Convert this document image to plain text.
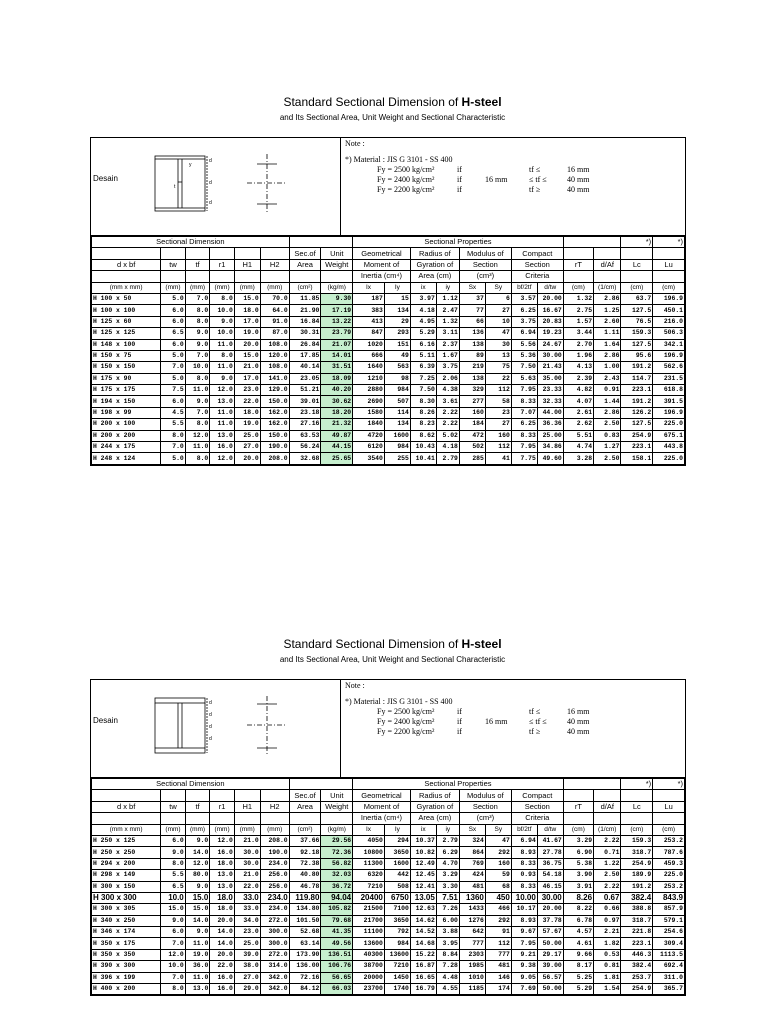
Standard Sectional Dimension of H-steel
and Its Sectional Area, Unit Weight and Sectional Characteristic
Desain
d
d
d
t
y
Note :
*) Material : JIS G 3101 - SS 400
Fy = 2500 kg/cm²	if	tf ≤	16 mm
Fy = 2400 kg/cm²	if	16 mm	≤ tf ≤	40 mm
Fy = 2200 kg/cm²	if	tf ≥	40 mm
Sectional Dimension								Sectional Properties										*)	*)
						Sec.of	Unit	Geometrical		Radius of		Modulus of		Compact					
d x bf	tw	tf	r1	H1	H2	Area	Weight	Moment of		Gyration of		Section		Section		rT	d/Af	Lc	Lu
								Inertia (cm⁴)		Area (cm)		(cm³)		Criteria					
(mm x mm)	(mm)	(mm)	(mm)	(mm)	(mm)	(cm²)	(kg/m)	Ix	Iy	ix	iy	Sx	Sy	bf/2tf	d/tw	(cm)	(1/cm)	(cm)	(cm)
H 100 x 50	5.0	7.0	8.0	15.0	70.0	11.85	9.30	187	15	3.97	1.12	37	6	3.57	20.00	1.32	2.86	63.7	196.9
H 100 x 100	6.0	8.0	10.0	18.0	64.0	21.90	17.19	383	134	4.18	2.47	77	27	6.25	16.67	2.75	1.25	127.5	450.1
H 125 x 60	6.0	8.0	9.0	17.0	91.0	16.84	13.22	413	29	4.95	1.32	66	10	3.75	20.83	1.57	2.60	76.5	216.0
H 125 x 125	6.5	9.0	10.0	19.0	87.0	30.31	23.79	847	293	5.29	3.11	136	47	6.94	19.23	3.44	1.11	159.3	506.3
H 148 x 100	6.0	9.0	11.0	20.0	108.0	26.84	21.07	1020	151	6.16	2.37	138	30	5.56	24.67	2.70	1.64	127.5	342.1
H 150 x 75	5.0	7.0	8.0	15.0	120.0	17.85	14.01	666	49	5.11	1.67	89	13	5.36	30.00	1.96	2.86	95.6	196.9
H 150 x 150	7.0	10.0	11.0	21.0	108.0	40.14	31.51	1640	563	6.39	3.75	219	75	7.50	21.43	4.13	1.00	191.2	562.6
H 175 x 90	5.0	8.0	9.0	17.0	141.0	23.05	18.09	1210	98	7.25	2.06	138	22	5.63	35.00	2.39	2.43	114.7	231.5
H 175 x 175	7.5	11.0	12.0	23.0	129.0	51.21	40.20	2880	984	7.50	4.38	329	112	7.95	23.33	4.82	0.91	223.1	618.8
H 194 x 150	6.0	9.0	13.0	22.0	150.0	39.01	30.62	2690	507	8.30	3.61	277	58	8.33	32.33	4.07	1.44	191.2	391.5
H 198 x 99	4.5	7.0	11.0	18.0	162.0	23.18	18.20	1580	114	8.26	2.22	160	23	7.07	44.00	2.61	2.86	126.2	196.9
H 200 x 100	5.5	8.0	11.0	19.0	162.0	27.16	21.32	1840	134	8.23	2.22	184	27	6.25	36.36	2.62	2.50	127.5	225.0
H 200 x 200	8.0	12.0	13.0	25.0	150.0	63.53	49.87	4720	1600	8.62	5.02	472	160	8.33	25.00	5.51	0.83	254.9	675.1
H 244 x 175	7.0	11.0	16.0	27.0	190.0	56.24	44.15	6120	984	10.43	4.18	502	112	7.95	34.86	4.74	1.27	223.1	443.8
H 248 x 124	5.0	8.0	12.0	20.0	208.0	32.68	25.65	3540	255	10.41	2.79	285	41	7.75	49.60	3.28	2.50	158.1	225.0
Standard Sectional Dimension of H-steel
and Its Sectional Area, Unit Weight and Sectional Characteristic
Desain
d
d
d
d
Note :
*) Material : JIS G 3101 - SS 400
Fy = 2500 kg/cm²	if	tf ≤	16 mm
Fy = 2400 kg/cm²	if	16 mm	≤ tf ≤	40 mm
Fy = 2200 kg/cm²	if	tf ≥	40 mm
Sectional Dimension								Sectional Properties										*)	*)
						Sec.of	Unit	Geometrical		Radius of		Modulus of		Compact					
d x bf	tw	tf	r1	H1	H2	Area	Weight	Moment of		Gyration of		Section		Section		rT	d/Af	Lc	Lu
								Inertia (cm⁴)		Area (cm)		(cm³)		Criteria					
(mm x mm)	(mm)	(mm)	(mm)	(mm)	(mm)	(cm²)	(kg/m)	Ix	Iy	ix	iy	Sx	Sy	bf/2tf	d/tw	(cm)	(1/cm)	(cm)	(cm)
H 250 x 125	6.0	9.0	12.0	21.0	208.0	37.66	29.56	4050	294	10.37	2.79	324	47	6.94	41.67	3.29	2.22	159.3	253.2
H 250 x 250	9.0	14.0	16.0	30.0	190.0	92.18	72.36	10800	3650	10.82	6.29	864	292	8.93	27.78	6.90	0.71	318.7	787.6
H 294 x 200	8.0	12.0	18.0	30.0	234.0	72.38	56.82	11300	1600	12.49	4.70	769	160	8.33	36.75	5.38	1.22	254.9	459.3
H 298 x 149	5.5	80.0	13.0	21.0	256.0	40.80	32.03	6320	442	12.45	3.29	424	59	0.93	54.18	3.90	2.50	189.9	225.0
H 300 x 150	6.5	9.0	13.0	22.0	256.0	46.78	36.72	7210	508	12.41	3.30	481	68	8.33	46.15	3.91	2.22	191.2	253.2
H 300 x 300	10.0	15.0	18.0	33.0	234.0	119.80	94.04	20400	6750	13.05	7.51	1360	450	10.00	30.00	8.26	0.67	382.4	843.9
H 300 x 305	15.0	15.0	18.0	33.0	234.0	134.80	105.82	21500	7100	12.63	7.26	1433	466	10.17	20.00	8.22	0.66	388.8	857.9
H 340 x 250	9.0	14.0	20.0	34.0	272.0	101.50	79.68	21700	3650	14.62	6.00	1276	292	8.93	37.78	6.78	0.97	318.7	579.1
H 346 x 174	6.0	9.0	14.0	23.0	300.0	52.68	41.35	11100	792	14.52	3.88	642	91	9.67	57.67	4.57	2.21	221.8	254.6
H 350 x 175	7.0	11.0	14.0	25.0	300.0	63.14	49.56	13600	984	14.68	3.95	777	112	7.95	50.00	4.61	1.82	223.1	309.4
H 350 x 350	12.0	19.0	20.0	39.0	272.0	173.90	136.51	40300	13600	15.22	8.84	2303	777	9.21	29.17	9.66	0.53	446.3	1113.5
H 390 x 300	10.0	36.0	22.0	38.0	314.0	136.00	106.76	38700	7210	16.87	7.28	1985	481	9.38	39.00	8.17	0.81	382.4	692.4
H 396 x 199	7.0	11.0	16.0	27.0	342.0	72.16	56.65	20000	1450	16.65	4.48	1010	146	9.05	56.57	5.25	1.81	253.7	311.0
H 400 x 200	8.0	13.0	16.0	29.0	342.0	84.12	66.03	23700	1740	16.79	4.55	1185	174	7.69	50.00	5.29	1.54	254.9	365.7
